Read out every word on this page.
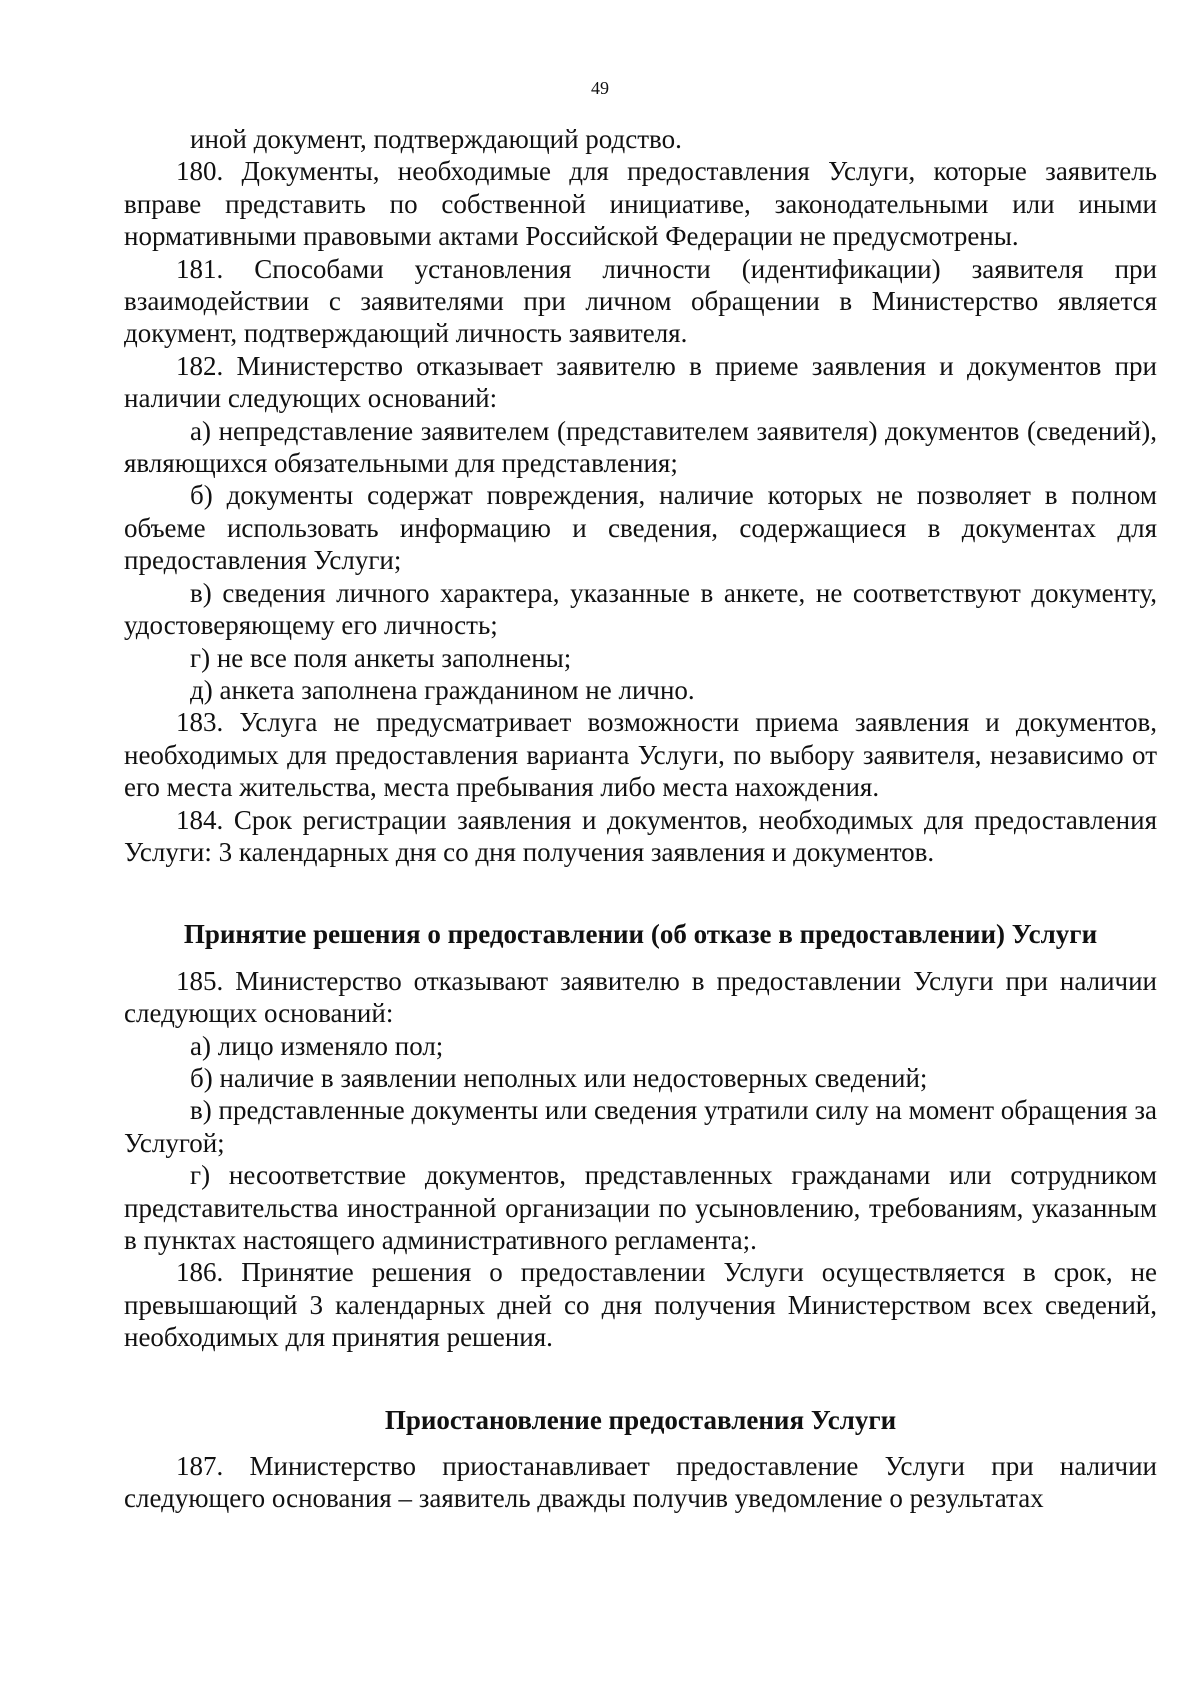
49

иной документ, подтверждающий родство.

180. Документы, необходимые для предоставления Услуги, которые заявитель вправе представить по собственной инициативе, законодательными или иными нормативными правовыми актами Российской Федерации не предусмотрены.

181. Способами установления личности (идентификации) заявителя при взаимодействии с заявителями при личном обращении в Министерство является документ, подтверждающий личность заявителя.

182. Министерство отказывает заявителю в приеме заявления и документов при наличии следующих оснований:

а) непредставление заявителем (представителем заявителя) документов (сведений), являющихся обязательными для представления;

б) документы содержат повреждения, наличие которых не позволяет в полном объеме использовать информацию и сведения, содержащиеся в документах для предоставления Услуги;

в) сведения личного характера, указанные в анкете, не соответствуют документу, удостоверяющему его личность;

г) не все поля анкеты заполнены;

д) анкета заполнена гражданином не лично.

183. Услуга не предусматривает возможности приема заявления и документов, необходимых для предоставления варианта Услуги, по выбору заявителя, независимо от его места жительства, места пребывания либо места нахождения.

184. Срок регистрации заявления и документов, необходимых для предоставления Услуги: 3 календарных дня со дня получения заявления и документов.

Принятие решения о предоставлении (об отказе в предоставлении) Услуги

185. Министерство отказывают заявителю в предоставлении Услуги при наличии следующих оснований:

а) лицо изменяло пол;

б) наличие в заявлении неполных или недостоверных сведений;

в) представленные документы или сведения утратили силу на момент обращения за Услугой;

г) несоответствие документов, представленных гражданами или сотрудником представительства иностранной организации по усыновлению, требованиям, указанным в пунктах настоящего административного регламента;.

186. Принятие решения о предоставлении Услуги осуществляется в срок, не превышающий 3 календарных дней со дня получения Министерством всех сведений, необходимых для принятия решения.

Приостановление предоставления Услуги

187. Министерство приостанавливает предоставление Услуги при наличии следующего основания – заявитель дважды получив уведомление о результатах
